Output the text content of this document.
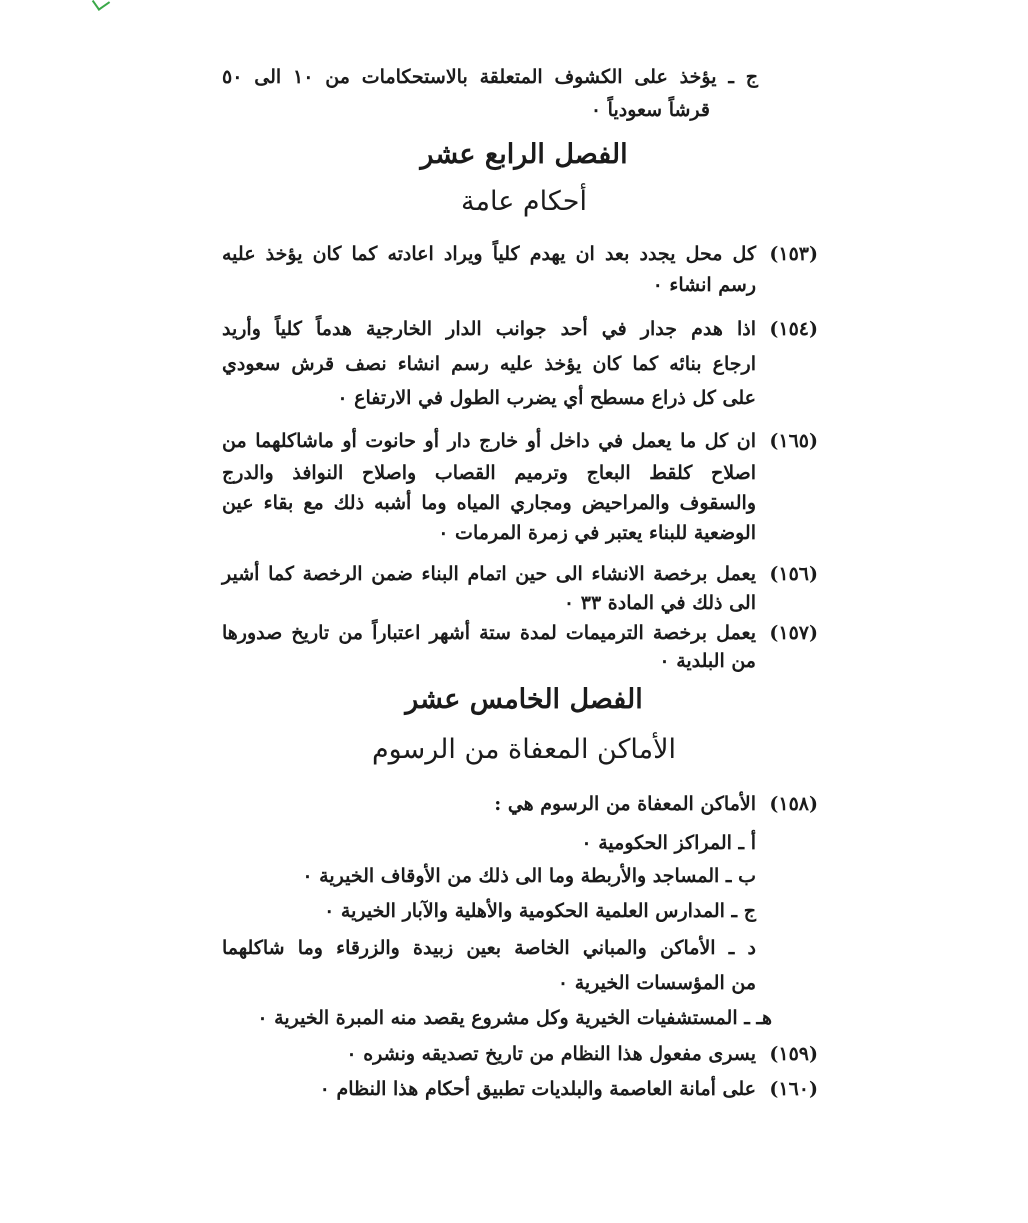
ج ـ يؤخذ على الكشوف المتعلقة بالاستحكامات من ١٠ الى ٥٠
قرشاً سعودياً ٠
(١٥٣)
كل محل يجدد بعد ان يهدم كلياً ويراد اعادته كما كان يؤخذ عليه
رسم انشاء ٠
(١٥٤)
اذا هدم جدار في أحد جوانب الدار الخارجية هدماً كلياً وأريد
ارجاع بنائه كما كان يؤخذ عليه رسم انشاء نصف قرش سعودي
على كل ذراع مسطح أي يضرب الطول في الارتفاع ٠
(١٦٥)
ان كل ما يعمل في داخل أو خارج دار أو حانوت أو ماشاكلهما من
اصلاح كلقط البعاج وترميم القصاب واصلاح النوافذ والدرج
والسقوف والمراحيض ومجاري المياه وما أشبه ذلك مع بقاء عين
الوضعية للبناء يعتبر في زمرة المرمات ٠
(١٥٦)
يعمل برخصة الانشاء الى حين اتمام البناء ضمن الرخصة كما أشير
الى ذلك في المادة ٣٣ ٠
(١٥٧)
يعمل برخصة الترميمات لمدة ستة أشهر اعتباراً من تاريخ صدورها
من البلدية ٠
(١٥٨)
الأماكن المعفاة من الرسوم هي :
أ ـ المراكز الحكومية ٠
ب ـ المساجد والأربطة وما الى ذلك من الأوقاف الخيرية ٠
ج ـ المدارس العلمية الحكومية والأهلية والآبار الخيرية ٠
د ـ الأماكن والمباني الخاصة بعين زبيدة والزرقاء وما شاكلهما
من المؤسسات الخيرية ٠
هـ ـ المستشفيات الخيرية وكل مشروع يقصد منه المبرة الخيرية ٠
(١٥٩)
يسرى مفعول هذا النظام من تاريخ تصديقه ونشره ٠
(١٦٠)
على أمانة العاصمة والبلديات تطبيق أحكام هذا النظام ٠
الفصل الرابع عشر
أحكام عامة
الفصل الخامس عشر
الأماكن المعفاة من الرسوم
